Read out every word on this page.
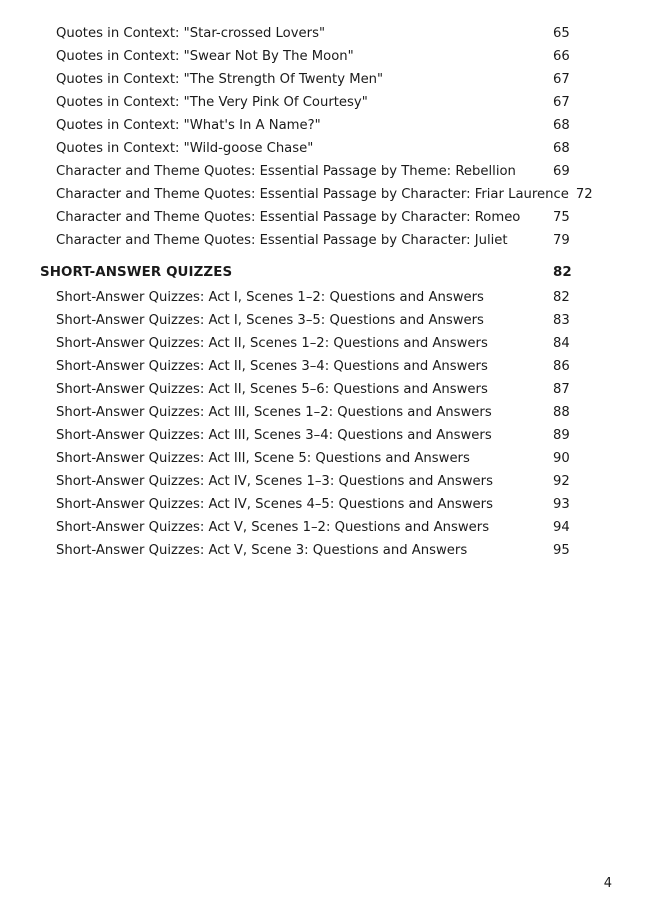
Quotes in Context: "Star-crossed Lovers"	65
Quotes in Context: "Swear Not By The Moon"	66
Quotes in Context: "The Strength Of Twenty Men"	67
Quotes in Context: "The Very Pink Of Courtesy"	67
Quotes in Context: "What's In A Name?"	68
Quotes in Context: "Wild-goose Chase"	68
Character and Theme Quotes: Essential Passage by Theme: Rebellion	69
Character and Theme Quotes: Essential Passage by Character: Friar Laurence 72
Character and Theme Quotes: Essential Passage by Character: Romeo 75
Character and Theme Quotes: Essential Passage by Character: Juliet	79
SHORT-ANSWER QUIZZES	82
Short-Answer Quizzes: Act I, Scenes 1–2: Questions and Answers	82
Short-Answer Quizzes: Act I, Scenes 3–5: Questions and Answers	83
Short-Answer Quizzes: Act II, Scenes 1–2: Questions and Answers	84
Short-Answer Quizzes: Act II, Scenes 3–4: Questions and Answers	86
Short-Answer Quizzes: Act II, Scenes 5–6: Questions and Answers	87
Short-Answer Quizzes: Act III, Scenes 1–2: Questions and Answers	88
Short-Answer Quizzes: Act III, Scenes 3–4: Questions and Answers	89
Short-Answer Quizzes: Act III, Scene 5: Questions and Answers	90
Short-Answer Quizzes: Act IV, Scenes 1–3: Questions and Answers	92
Short-Answer Quizzes: Act IV, Scenes 4–5: Questions and Answers	93
Short-Answer Quizzes: Act V, Scenes 1–2: Questions and Answers	94
Short-Answer Quizzes: Act V, Scene 3: Questions and Answers	95
4
